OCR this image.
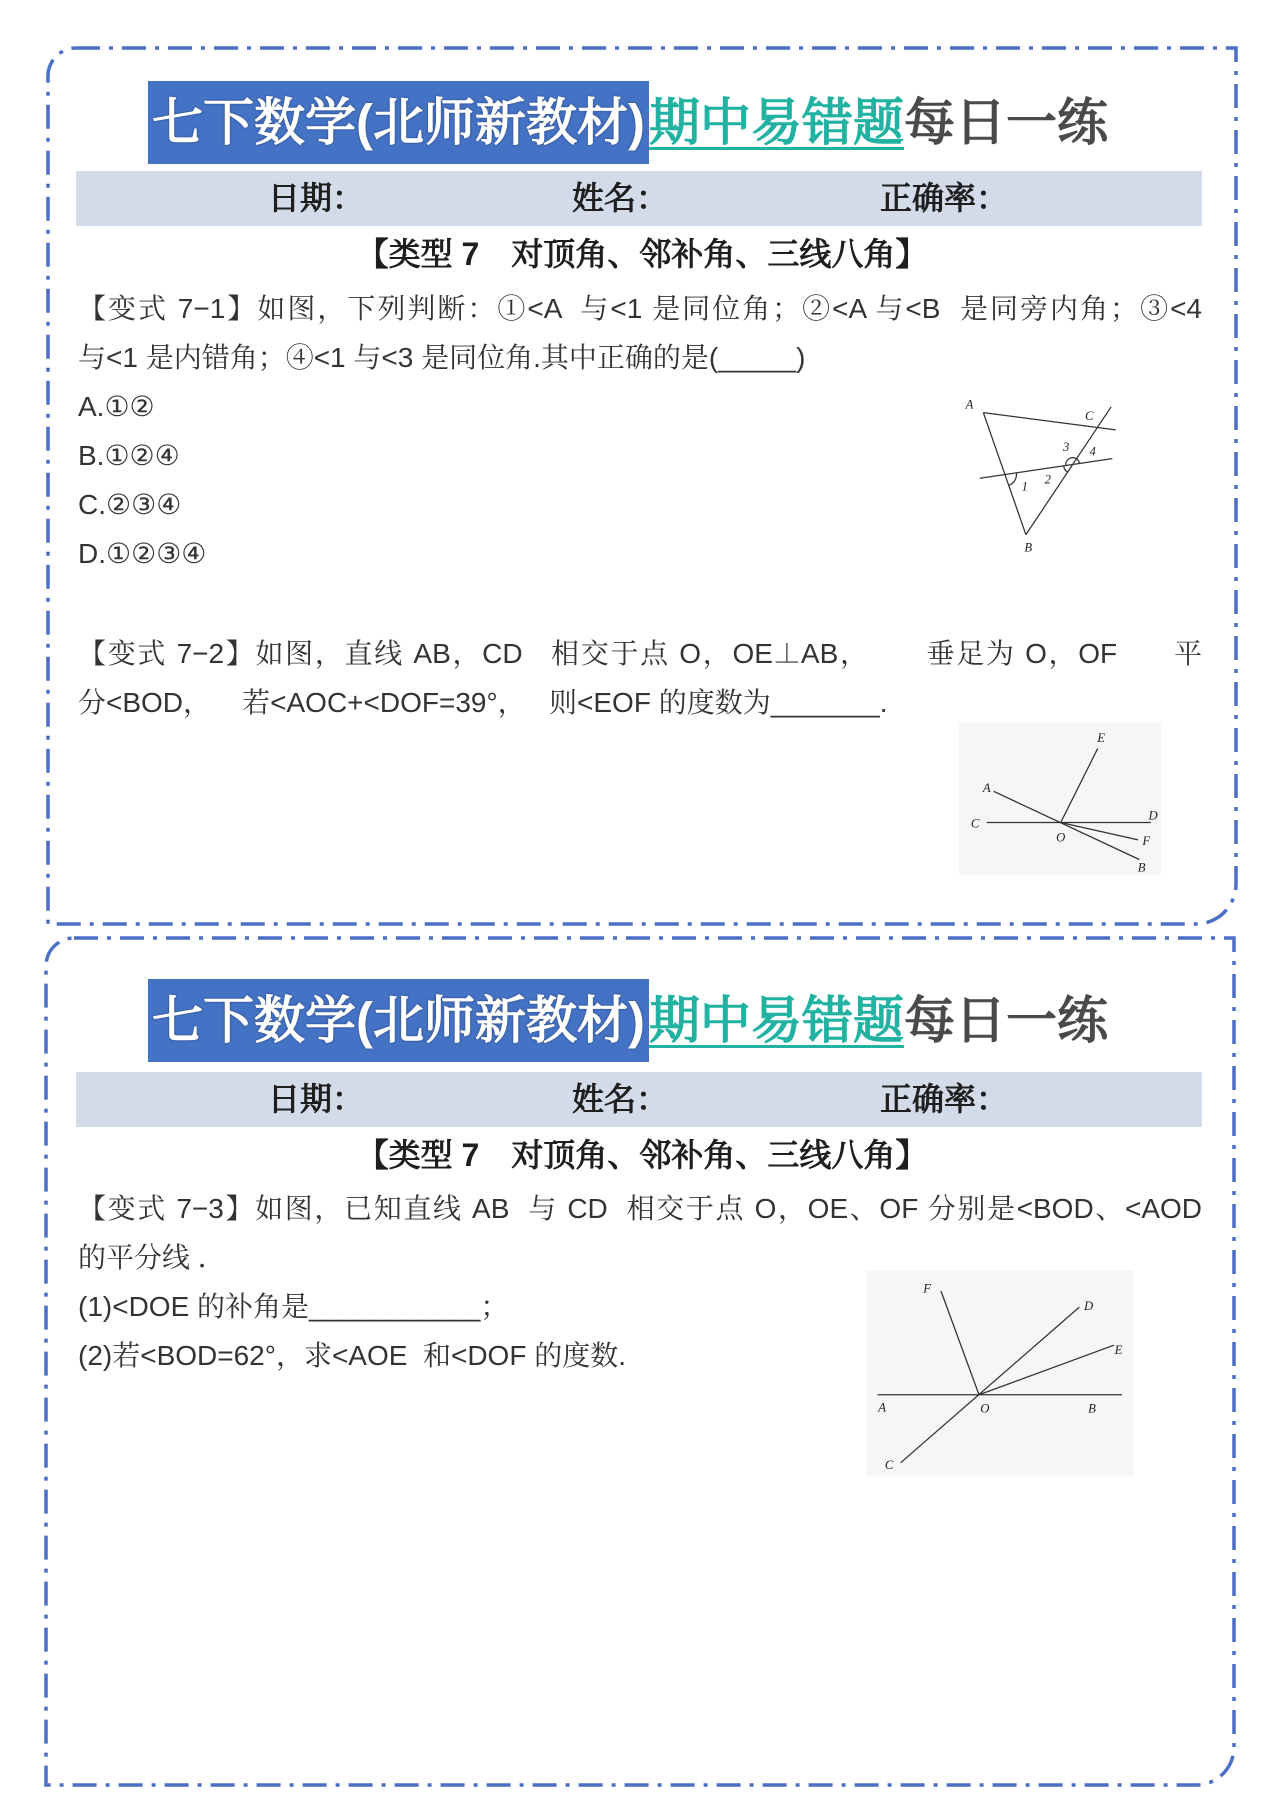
七下数学(北师新教材) 期中易错题 每日一练
日期：	姓名：	正确率：
【类型 7　对顶角、邻补角、三线八角】
【变式 7−1】如图，下列判断：①<A  与<1 是同位角；②<A 与<B  是同旁内角；③<4
与<1 是内错角；④<1 与<3 是同位角.其中正确的是(_____)
A.①②
B.①②④
C.②③④
D.①②③④
A
B
C
1 2
3 4
【变式 7−2】如图，直线 AB，CD   相交于点 O，OE⊥AB，      垂足为 O，OF      平
分<BOD，    若<AOC+<DOF=39°，   则<EOF 的度数为_______.
A
B
C
D
E
F
O
七下数学(北师新教材) 期中易错题 每日一练
日期：	姓名：	正确率：
【类型 7　对顶角、邻补角、三线八角】
【变式 7−3】如图，已知直线 AB  与 CD  相交于点 O，OE、OF 分别是<BOD、<AOD
的平分线 ．
(1)<DOE 的补角是___________；
(2)若<BOD=62°，求<AOE  和<DOF 的度数.
A	B
C
D
E
F
O
